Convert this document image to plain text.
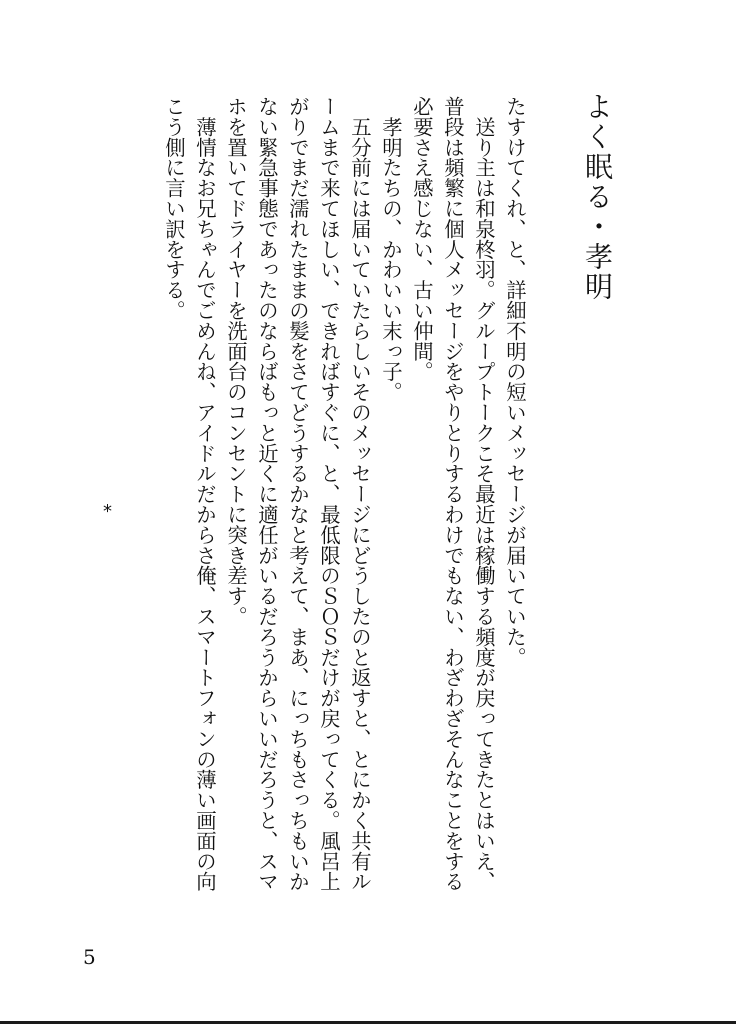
よく眠る・孝明
たすけてくれ、と、詳細不明の短いメッセージが届いていた。
　送り主は和泉柊羽。グループトークこそ最近は稼働する頻度が戻ってきたとはいえ、
普段は頻繁に個人メッセージをやりとりするわけでもない、わざわざそんなことをする
必要さえ感じない、古い仲間。
　孝明たちの、かわいい末っ子。
　五分前には届いていたらしいそのメッセージにどうしたのと返すと、とにかく共有ル
ームまで来てほしい、できればすぐに、と、最低限のＳＯＳだけが戻ってくる。風呂上
がりでまだ濡れたままの髪をさてどうするかなと考えて、まあ、にっちもさっちもいか
ない緊急事態であったのならばもっと近くに適任がいるだろうからいいだろうと、スマ
ホを置いてドライヤーを洗面台のコンセントに突き差す。
　薄情なお兄ちゃんでごめんね、アイドルだからさ俺、スマートフォンの薄い画面の向
こう側に言い訳をする。
*
5
